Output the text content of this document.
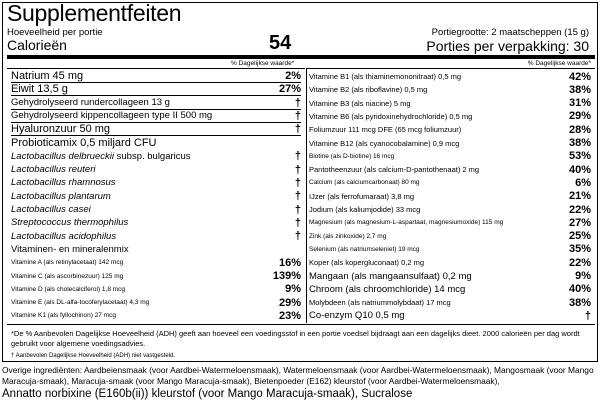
Supplementfeiten
Hoeveelheid per portie
Calorieën	54	Portiegrootte: 2 maatscheppen (15 g)
Porties per verpakking: 30
% Dagelijkse waarde*	% Dagelijkse waarde*
Natrium 45 mg	2%
Eiwit 13,5 g	27%
Gehydrolyseerd rundercollageen 13 g	†
Gehydrolyseerd kippencollageen type II 500 mg	†
Hyaluronzuur 50 mg	†
Probioticamix 0,5 miljard CFU
Lactobacillus delbrueckii subsp. bulgaricus	†
Lactobacillus reuteri	†
Lactobacillus rhamnosus	†
Lactobacillus plantarum	†
Lactobacillus casei	†
Streptococcus thermophilus	†
Lactobacillus acidophilus	†
Vitaminen- en mineralenmix
Vitamine A (als retinylacetaat) 142 mcg	16%
Vitamine C (als ascorbinezuur) 125 mg	139%
Vitamine D (als cholecalciferol) 1,8 mcg	9%
Vitamine E (als DL-alfa-tocoferylacetaat) 4,3 mg	29%
Vitamine K1 (als fyllochinon) 27 mcg	23%
Vitamine B1 (als thiaminemononitraat) 0,5 mg	42%
Vitamine B2 (als riboflavine) 0,5 mg	38%
Vitamine B3 (als niacine) 5 mg	31%
Vitamine B6 (als pyridoxinehydrochloride) 0,5 mg	29%
Foliumzuur 111 mcg DFE (65 mcg foliumzuur)	28%
Vitamine B12 (als cyanocobalamine) 0,9 mcg	38%
Biotine (als D-biotine) 16 mcg	53%
Pantotheenzuur (als calcium-D-pantothenaat) 2 mg	40%
Calcium (als calciumcarbonaat) 80 mg	6%
IJzer (als ferrofumaraat) 3,8 mg	21%
Jodium (als kaliumjodide) 33 mcg	22%
Magnesium (als magnesium-L-aspartaat, magnesiumoxide) 115 mg	27%
Zink (als zinkoxide) 2,7 mg	25%
Selenium (als natriumseleniet) 19 mcg	35%
Koper (als kopergluconaat) 0,2 mg	22%
Mangaan (als mangaansulfaat) 0,2 mg	9%
Chroom (als chroomchloride) 14 mcg	40%
Molybdeen (als natriummolybdaat) 17 mcg	38%
Co-enzym Q10 0,5 mg	†
*De % Aanbevolen Dagelijkse Hoeveelheid (ADH) geeft aan hoeveel een voedingsstof in een portie voedsel bijdraagt aan een dagelijks dieet. 2000 calorieën per dag wordt gebruikt voor algemene voedingsadvies.
† Aanbevolen Dagelijkse Hoeveelheid (ADH) niet vastgesteld.
Overige ingrediënten: Aardbeiensmaak (voor Aardbei-Watermeloensmaak), Watermeloensmaak (voor Aardbei-Watermeloensmaak), Mangosmaak (voor Mango Maracuja-smaak), Maracuja-smaak (voor Mango Maracuja-smaak), Bietenpoeder (E162) kleurstof (voor Aardbei-Watermeloensmaak),
Annatto norbixine (E160b(ii)) kleurstof (voor Mango Maracuja-smaak), Sucralose
